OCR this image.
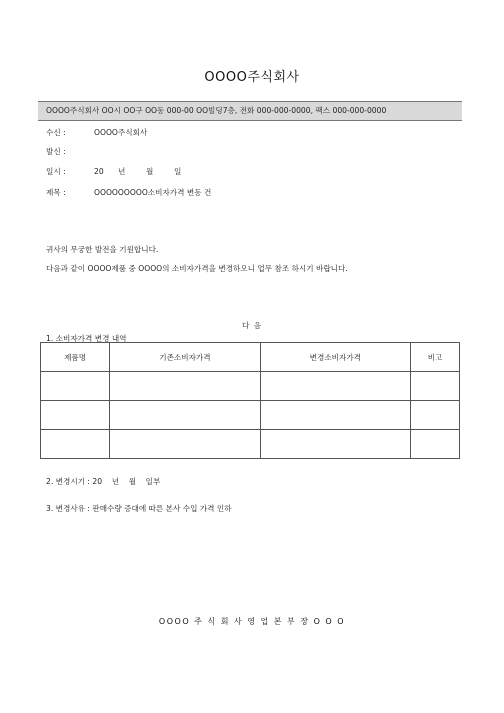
OOOO주식회사
OOOO주식회사 OO시 OO구 OO동 000-00 OO빌딩7층, 전화 000-000-0000, 팩스 000-000-0000
수신 :	OOOO주식회사
발신 :
일시 :	20 년	월	일
제목 :	OOOOOOOOO소비자가격 변동 건
귀사의 무궁한 발전을 기원합니다.
다음과 같이 OOOO제품 중 OOOO의 소비자가격을 변경하오니 업무 참조 하시기 바랍니다.
다 음
1. 소비자가격 변경 내역
제품명	기존소비자가격	변경소비자가격	비고

2. 변경시기 : 20    년    월    일부
3. 변경사유 : 판매수량 증대에 따른 본사 수입 가격 인하
OOOO 주 식 회 사 영 업 본 부 장 O O O
